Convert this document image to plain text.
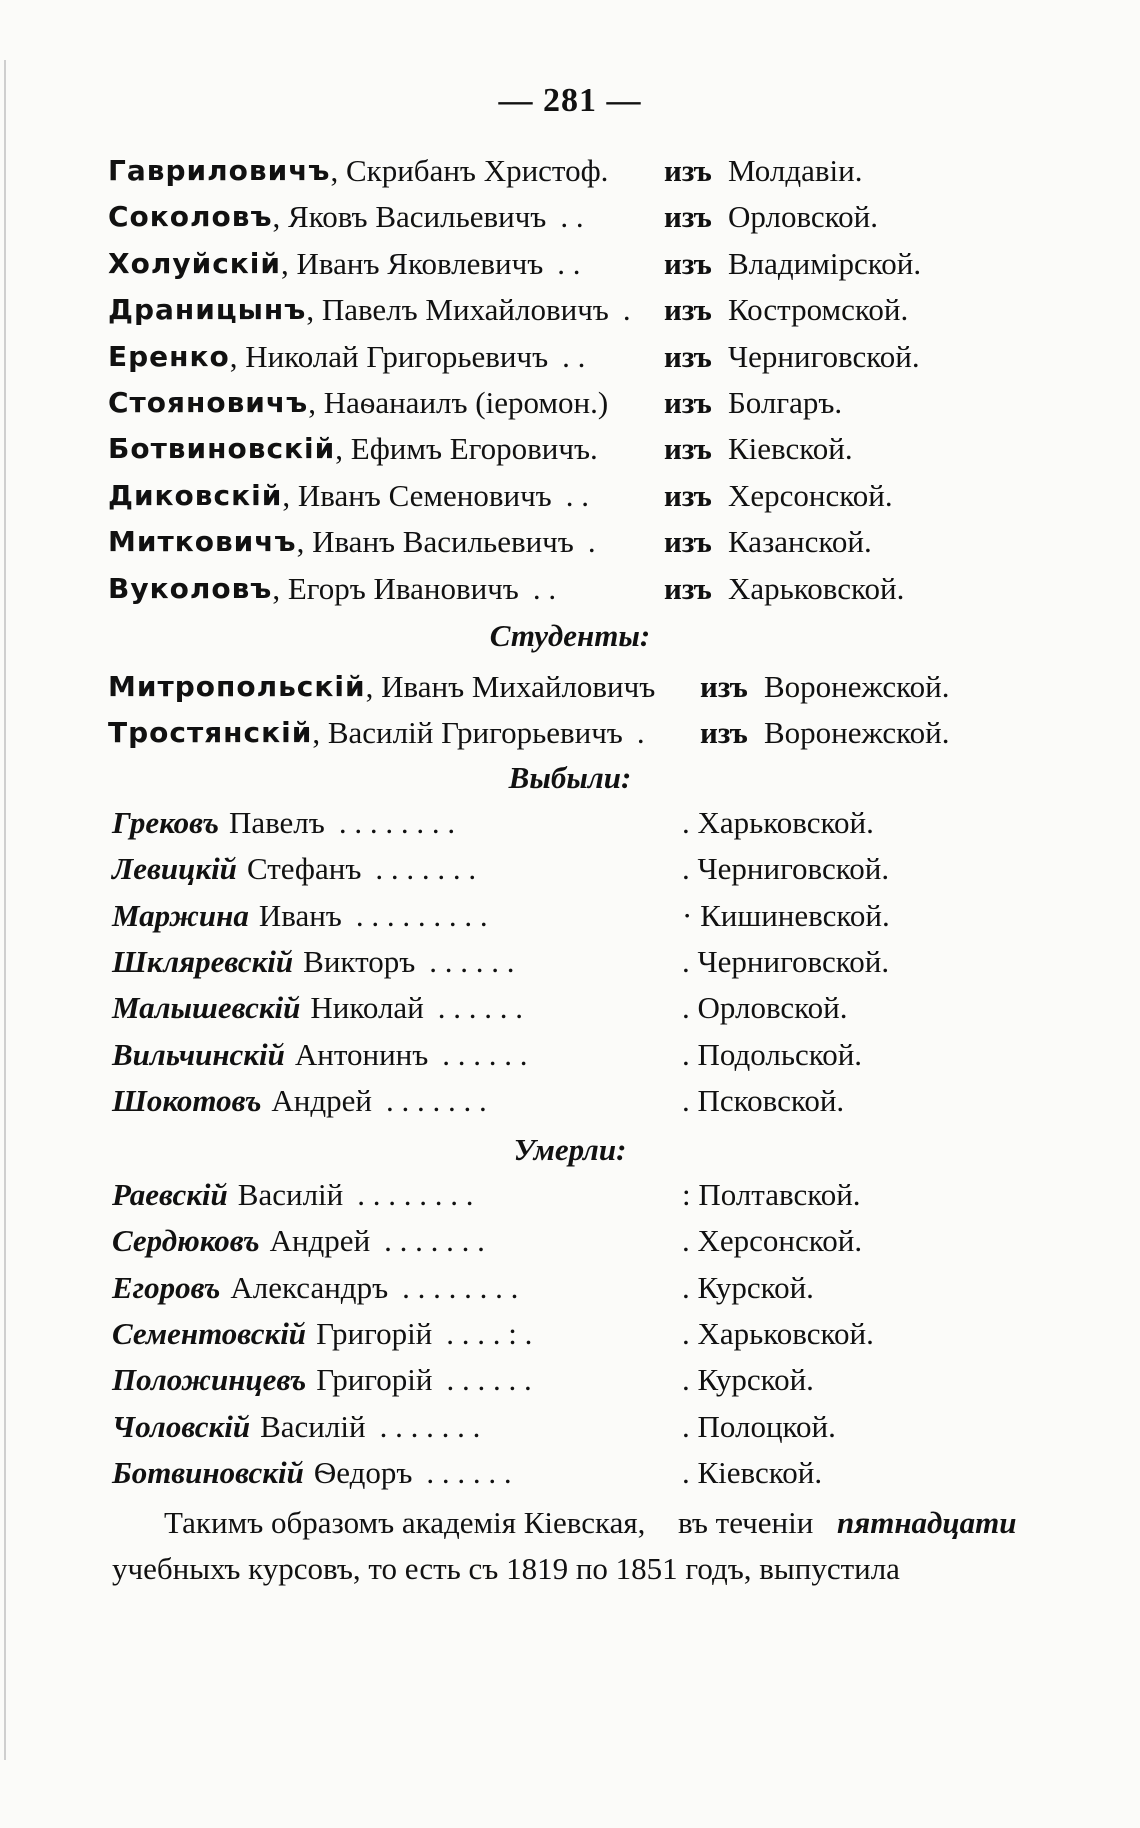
— 281 —
Гавриловичъ , Скрибанъ Христоф. изъ Молдавіи.
Соколовъ , Яковъ Васильевичъ . .	изъ Орловской.
Холуйскій , Иванъ Яковлевичъ . .	изъ Владимірской.
Драницынъ , Павелъ Михайловичъ . изъ Костромской.
Еренко , Николай Григорьевичъ . .	изъ Черниговской.
Стояновичъ , Наѳанаилъ (іеромон.) изъ Болгаръ.
Ботвиновскій , Ефимъ Егоровичъ. изъ Кіевской.
Диковскій , Иванъ Семеновичъ . . изъ Херсонской.
Митковичъ , Иванъ Васильевичъ . изъ Казанской.
Вуколовъ , Егоръ Ивановичъ . .	изъ Харьковской.
Студенты:
Митропольскій , Иванъ Михайловичъ изъ Воронежской.
Тростянскій , Василій Григорьевичъ . изъ Воронежской.
Выбыли:
Грековъ Павелъ . . . . . . . .	. Харьковской.
Левицкій Стефанъ . . . . . . .	. Черниговской.
Маржина Иванъ . . . . . . . . .	· Кишиневской.
Шкляревскій Викторъ . . . . . .	. Черниговской.
Малышевскій Николай . . . . . .	. Орловской.
Вильчинскій Антонинъ . . . . . .	. Подольской.
Шокотовъ Андрей . . . . . . .	. Псковской.
Умерли:
Раевскій Василій . . . . . . . .	: Полтавской.
Сердюковъ Андрей . . . . . . .	. Херсонской.
Егоровъ Александръ . . . . . . . .	. Курской.
Сементовскій Григорій . . . . : .	. Харьковской.
Положинцевъ Григорій . . . . . .	. Курской.
Чоловскій Василій . . . . . . .	. Полоцкой.
Ботвиновскій Ѳедоръ . . . . . .	. Кіевской.
Такимъ образомъ академія Кіевская, въ теченіи пятнадцати
учебныхъ курсовъ, то есть съ 1819 по 1851 годъ, выпустила
